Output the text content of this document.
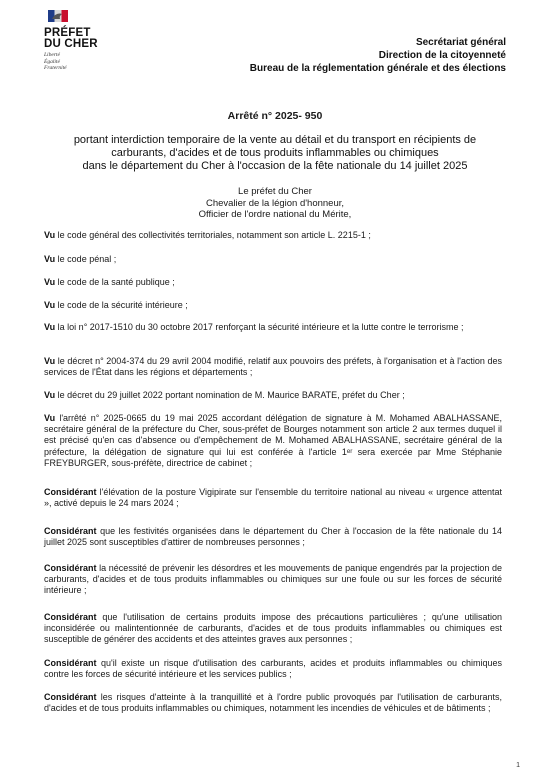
PRÉFET
DU CHER
Liberté
Égalité
Fraternité
Secrétariat général
Direction de la citoyenneté
Bureau de la réglementation générale et des élections
Arrêté n° 2025- 950
portant interdiction temporaire de la vente au détail et du transport en récipients de
carburants, d'acides et de tous produits inflammables ou chimiques
dans le département du Cher à l'occasion de la fête nationale du 14 juillet 2025
Le préfet du Cher
Chevalier de la légion d'honneur,
Officier de l'ordre national du Mérite,
Vu le code général des collectivités territoriales, notamment son article L. 2215-1 ;
Vu le code pénal ;
Vu le code de la santé publique ;
Vu le code de la sécurité intérieure ;
Vu la loi n° 2017-1510 du 30 octobre 2017 renforçant la sécurité intérieure et la lutte contre le terrorisme ;
Vu le décret n° 2004-374 du 29 avril 2004 modifié, relatif aux pouvoirs des préfets, à l'organisation et à l'action des services de l'État dans les régions et départements ;
Vu le décret du 29 juillet 2022 portant nomination de M. Maurice BARATE, préfet du Cher ;
Vu l'arrêté n° 2025-0665 du 19 mai 2025 accordant délégation de signature à M. Mohamed ABALHASSANE, secrétaire général de la préfecture du Cher, sous-préfet de Bourges notamment son article 2 aux termes duquel il est précisé qu'en cas d'absence ou d'empêchement de M. Mohamed ABALHASSANE, secrétaire général de la préfecture, la délégation de signature qui lui est conférée à l'article 1ᵉʳ sera exercée par Mme Stéphanie FREYBURGER, sous-préfète, directrice de cabinet ;
Considérant l'élévation de la posture Vigipirate sur l'ensemble du territoire national au niveau « urgence attentat », activé depuis le 24 mars 2024 ;
Considérant que les festivités organisées dans le département du Cher à l'occasion de la fête nationale du 14 juillet 2025 sont susceptibles d'attirer de nombreuses personnes ;
Considérant la nécessité de prévenir les désordres et les mouvements de panique engendrés par la projection de carburants, d'acides et de tous produits inflammables ou chimiques sur une foule ou sur les forces de sécurité intérieure ;
Considérant que l'utilisation de certains produits impose des précautions particulières ; qu'une utilisation inconsidérée ou malintentionnée de carburants, d'acides et de tous produits inflammables ou chimiques est susceptible de générer des accidents et des atteintes graves aux personnes ;
Considérant qu'il existe un risque d'utilisation des carburants, acides et produits inflammables ou chimiques contre les forces de sécurité intérieure et les services publics ;
Considérant les risques d'atteinte à la tranquillité et à l'ordre public provoqués par l'utilisation de carburants, d'acides et de tous produits inflammables ou chimiques, notamment les incendies de véhicules et de bâtiments ;
1
